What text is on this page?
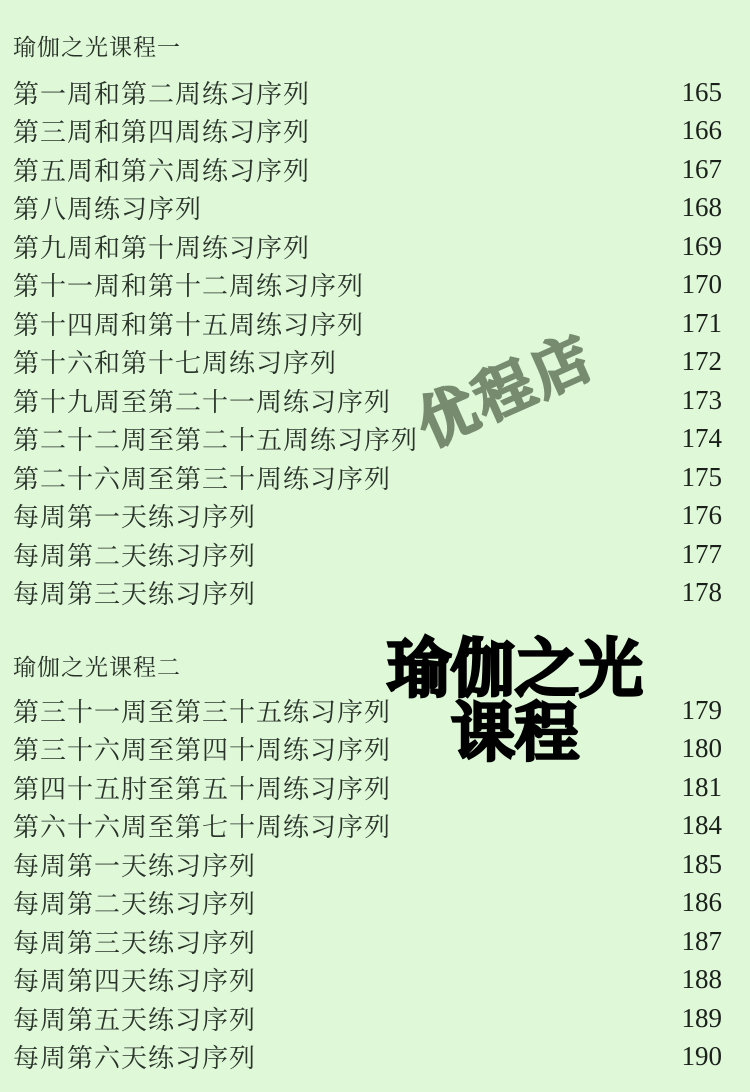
瑜伽之光课程一
第一周和第二周练习序列	165
第三周和第四周练习序列	166
第五周和第六周练习序列	167
第八周练习序列	168
第九周和第十周练习序列	169
第十一周和第十二周练习序列	170
第十四周和第十五周练习序列	171
第十六和第十七周练习序列	172
第十九周至第二十一周练习序列	173
第二十二周至第二十五周练习序列	174
第二十六周至第三十周练习序列	175
每周第一天练习序列	176
每周第二天练习序列	177
每周第三天练习序列	178
瑜伽之光课程二
第三十一周至第三十五练习序列	179
第三十六周至第四十周练习序列	180
第四十五肘至第五十周练习序列	181
第六十六周至第七十周练习序列	184
每周第一天练习序列	185
每周第二天练习序列	186
每周第三天练习序列	187
每周第四天练习序列	188
每周第五天练习序列	189
每周第六天练习序列	190
优程店
瑜伽之光
课程
